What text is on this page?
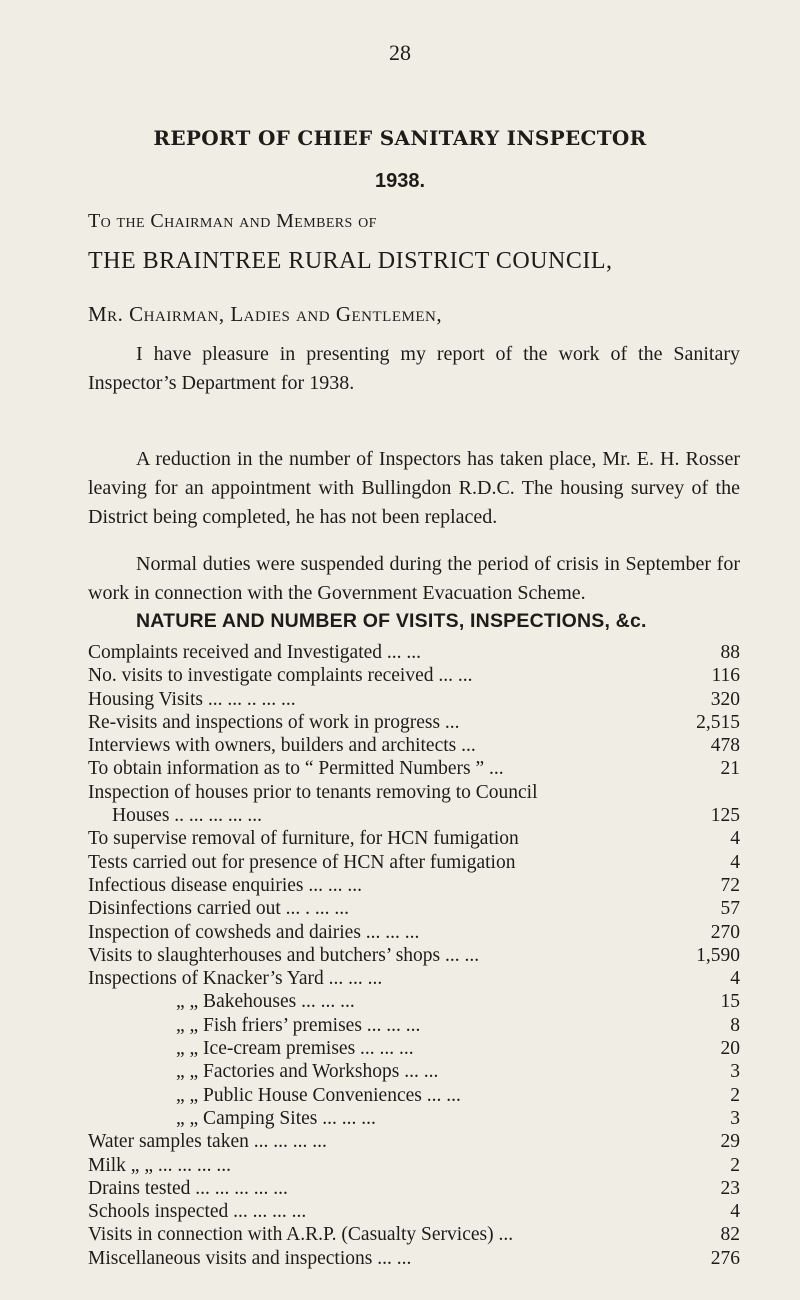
28
REPORT OF CHIEF SANITARY INSPECTOR
1938.
To the Chairman and Members of
THE BRAINTREE RURAL DISTRICT COUNCIL,
Mr. Chairman, Ladies and Gentlemen,

I have pleasure in presenting my report of the work of the Sanitary Inspector’s Department for 1938.

A reduction in the number of Inspectors has taken place, Mr. E. H. Rosser leaving for an appointment with Bullingdon R.D.C. The housing survey of the District being completed, he has not been replaced.

Normal duties were suspended during the period of crisis in September for work in connection with the Government Evacuation Scheme.

NATURE AND NUMBER OF VISITS, INSPECTIONS, &c.
Complaints received and Investigated ... ...	88
No. visits to investigate complaints received ... ...	116
Housing Visits ... ... .. ... ...	320
Re-visits and inspections of work in progress ...	2,515
Interviews with owners, builders and architects ...	478
To obtain information as to “ Permitted Numbers ” ...	21
Inspection of houses prior to tenants removing to Council
Houses .. ... ... ... ...	125
To supervise removal of furniture, for HCN fumigation	4
Tests carried out for presence of HCN after fumigation	4
Infectious disease enquiries ... ... ...	72
Disinfections carried out ... . ... ...	57
Inspection of cowsheds and dairies ... ... ...	270
Visits to slaughterhouses and butchers’ shops ... ...	1,590
Inspections of Knacker’s Yard ... ... ...	4
„ „ Bakehouses ... ... ...	15
„ „ Fish friers’ premises ... ... ...	8
„ „ Ice-cream premises ... ... ...	20
„ „ Factories and Workshops ... ...	3
„ „ Public House Conveniences ... ...	2
„ „ Camping Sites ... ... ...	3
Water samples taken ... ... ... ...	29
Milk „ „ ... ... ... ...	2
Drains tested ... ... ... ... ...	23
Schools inspected ... ... ... ...	4
Visits in connection with A.R.P. (Casualty Services) ...	82
Miscellaneous visits and inspections ... ...	276
